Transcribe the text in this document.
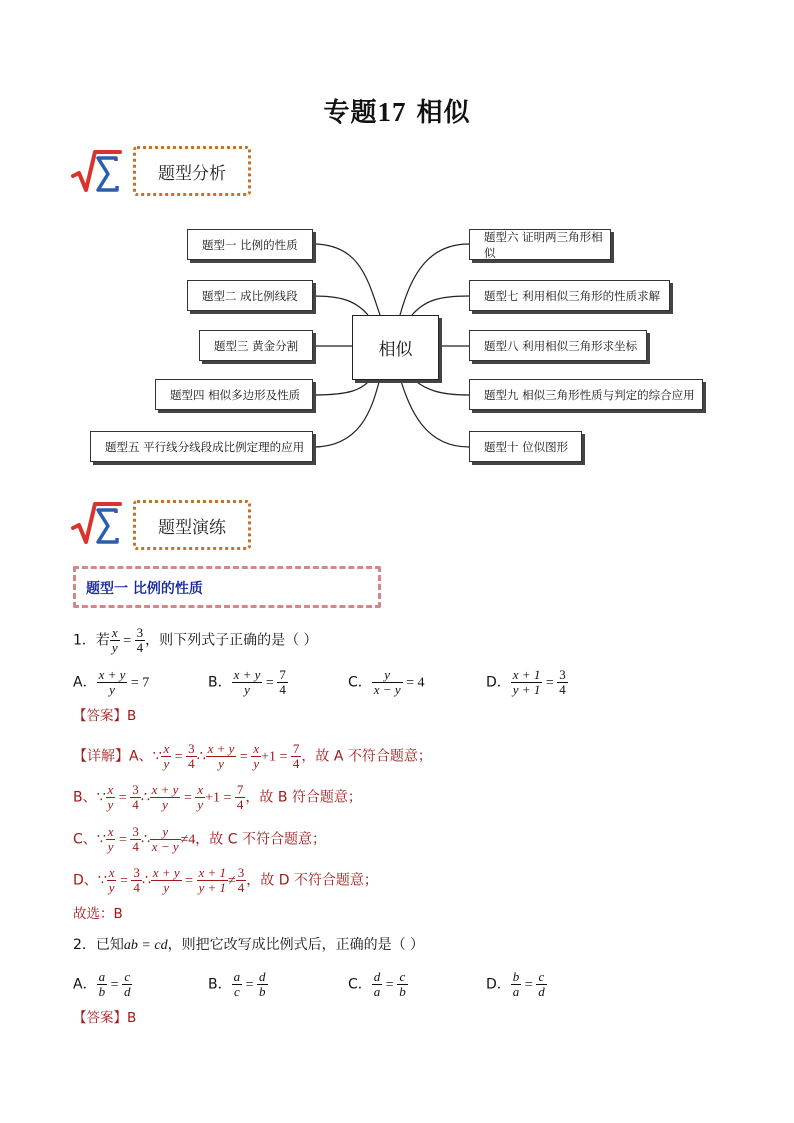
专题17 相似
题型分析
题型一 比例的性质
题型二 成比例线段
题型三 黄金分割
题型四 相似多边形及性质
题型五 平行线分线段成比例定理的应用
相似
题型六 证明两三角形相似
题型七 利用相似三角形的性质求解
题型八 利用相似三角形求坐标
题型九 相似三角形性质与判定的综合应用
题型十 位似图形
题型演练
题型一 比例的性质
1．若 $\frac{x}{y} = \frac{3}{4}$ ，则下列式子正确的是（ ）
A． $\frac{x + y}{y} = 7$	B． $\frac{x + y}{y} = \frac{7}{4}$	C． $\frac{y}{x - y} = 4$	D． $\frac{x + 1}{y + 1} = \frac{3}{4}$
【答案】B
【详解】A、∵ $\frac{x}{y} = \frac{3}{4}$ ∴ $\frac{x + y}{y} = \frac{x}{y} +1 = \frac{7}{4}$ ，故 A 不符合题意；
B、∵ $\frac{x}{y} = \frac{3}{4}$ ∴ $\frac{x + y}{y} = \frac{x}{y} +1 = \frac{7}{4}$ ，故 B 符合题意；
C、∵ $\frac{x}{y} = \frac{3}{4}$ ∴ $\frac{y}{x - y} \ne 4$，故 C 不符合题意；
D、∵ $\frac{x}{y} = \frac{3}{4}$ ∴ $\frac{x + y}{y} = \frac{x + 1}{y + 1} \ne \frac{3}{4}$ ，故 D 不符合题意；
故选：B
2．已知ab = cd，则把它改写成比例式后，正确的是（ ）
A． $\frac{a}{b} = \frac{c}{d}$	B． $\frac{a}{c} = \frac{d}{b}$	C． $\frac{d}{a} = \frac{c}{b}$	D． $\frac{b}{a} = \frac{c}{d}$
【答案】B
